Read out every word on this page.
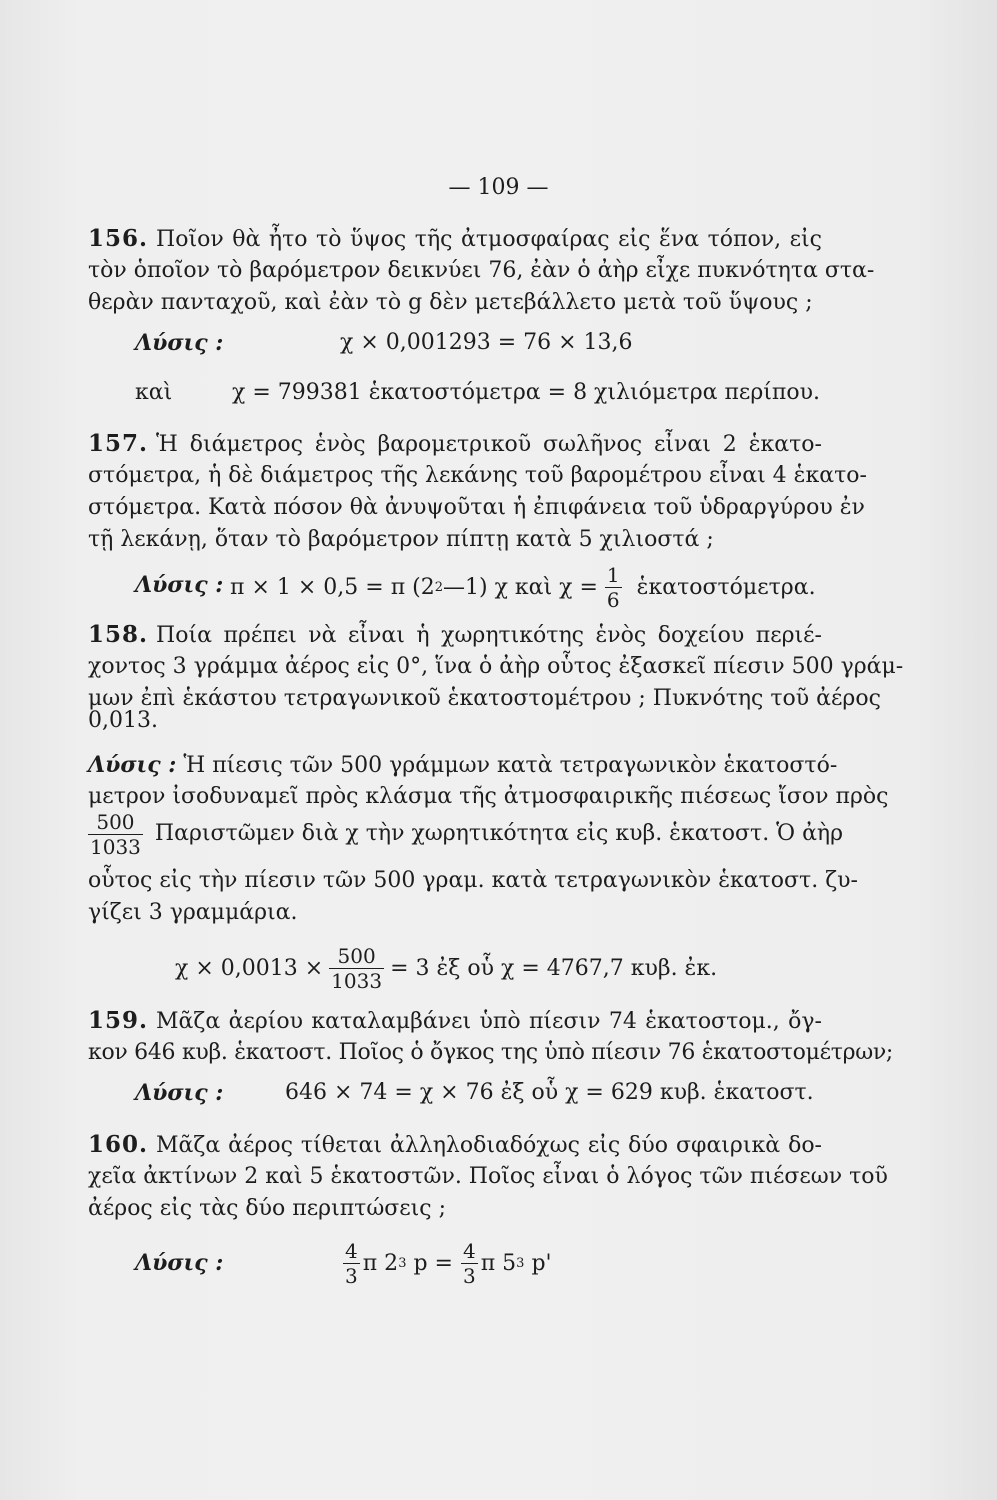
— 109 —
156. Ποῖον θὰ ἦτο τὸ ὕψος τῆς ἀτμοσφαίρας εἰς ἕνα τόπον, εἰς
τὸν ὁποῖον τὸ βαρόμετρον δεικνύει 76, ἐὰν ὁ ἀὴρ εἶχε πυκνότητα στα-
θερὰν πανταχοῦ, καὶ ἐὰν τὸ g δὲν μετεβάλλετο μετὰ τοῦ ὕψους ;
Λύσις :	χ × 0,001293 = 76 × 13,6
καὶ	χ = 799381 ἑκατοστόμετρα = 8 χιλιόμετρα περίπου.
157. Ἡ διάμετρος ἑνὸς βαρομετρικοῦ σωλῆνος εἶναι 2 ἑκατο-
στόμετρα, ἡ δὲ διάμετρος τῆς λεκάνης τοῦ βαρομέτρου εἶναι 4 ἑκατο-
στόμετρα. Κατὰ πόσον θὰ ἀνυψοῦται ἡ ἐπιφάνεια τοῦ ὑδραργύρου ἐν
τῇ λεκάνῃ, ὅταν τὸ βαρόμετρον πίπτῃ κατὰ 5 χιλιοστά ;
Λύσις : π × 1 × 0,5 = π (2 2 —1) χ καὶ $\chi = \frac{1}{6}$ ἑκατοστόμετρα.
158. Ποία πρέπει νὰ εἶναι ἡ χωρητικότης ἑνὸς δοχείου περιέ-
χοντος 3 γράμμα ἀέρος εἰς 0°, ἵνα ὁ ἀὴρ οὗτος ἐξασκεῖ πίεσιν 500 γράμ-
μων ἐπὶ ἑκάστου τετραγωνικοῦ ἑκατοστομέτρου ; Πυκνότης τοῦ ἀέρος
0,013.
Λύσις : Ἡ πίεσις τῶν 500 γράμμων κατὰ τετραγωνικὸν ἑκατοστό-
μετρον ἰσοδυναμεῖ πρὸς κλάσμα τῆς ἀτμοσφαιρικῆς πιέσεως ἴσον πρὸς
$\frac{500}{1033}$ Παριστῶμεν διὰ χ τὴν χωρητικότητα εἰς κυβ. ἑκατοστ. Ὁ ἀὴρ
οὗτος εἰς τὴν πίεσιν τῶν 500 γραμ. κατὰ τετραγωνικὸν ἑκατοστ. ζυ-
γίζει 3 γραμμάρια.
$\chi \times 0,0013 \times \frac{500}{1033} = 3$ ἐξ οὗ χ = 4767,7 κυβ. ἐκ.
159. Μᾶζα ἀερίου καταλαμβάνει ὑπὸ πίεσιν 74 ἑκατοστομ., ὄγ-
κον 646 κυβ. ἑκατοστ. Ποῖος ὁ ὄγκος της ὑπὸ πίεσιν 76 ἑκατοστομέτρων;
Λύσις :	646 × 74 = χ × 76 ἐξ οὗ χ = 629 κυβ. ἑκατοστ.
160. Μᾶζα ἀέρος τίθεται ἀλληλοδιαδόχως εἰς δύο σφαιρικὰ δο-
χεῖα ἀκτίνων 2 καὶ 5 ἑκατοστῶν. Ποῖος εἶναι ὁ λόγος τῶν πιέσεων τοῦ
ἀέρος εἰς τὰς δύο περιπτώσεις ;
Λύσις :	$\frac{4}{3}$ π 2 3
$p = \frac{4}{3}$ π 5 3
p'
